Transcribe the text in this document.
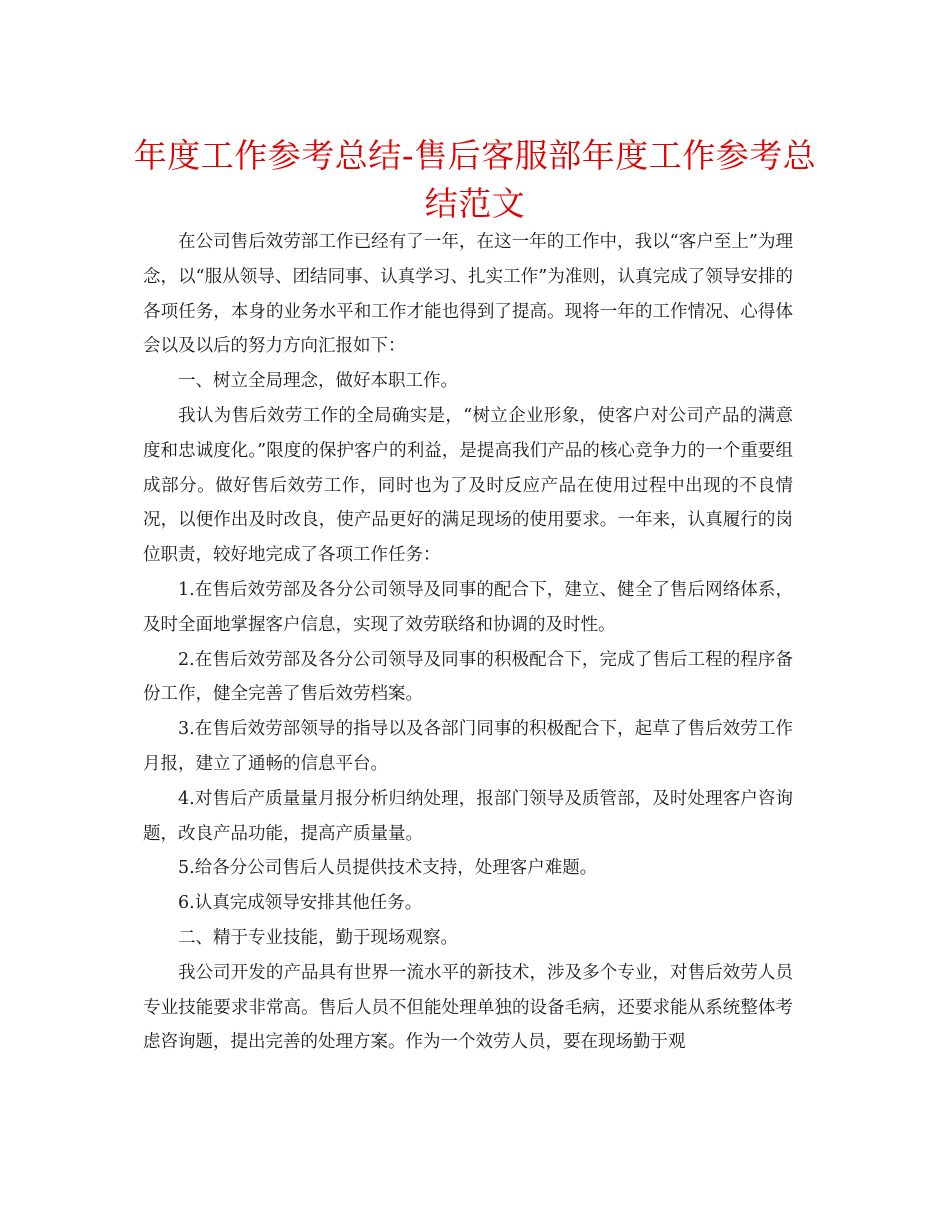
年度工作参考总结-售后客服部年度工作参考总结范文

在公司售后效劳部工作已经有了一年，在这一年的工作中，我以“客户至上”为理念，以“服从领导、团结同事、认真学习、扎实工作”为准则，认真完成了领导安排的各项任务，本身的业务水平和工作才能也得到了提高。现将一年的工作情况、心得体会以及以后的努力方向汇报如下：

一、树立全局理念，做好本职工作。

我认为售后效劳工作的全局确实是，“树立企业形象，使客户对公司产品的满意度和忠诚度化。”限度的保护客户的利益，是提高我们产品的核心竞争力的一个重要组成部分。做好售后效劳工作，同时也为了及时反应产品在使用过程中出现的不良情况，以便作出及时改良，使产品更好的满足现场的使用要求。一年来，认真履行的岗位职责，较好地完成了各项工作任务：

1.在售后效劳部及各分公司领导及同事的配合下，建立、健全了售后网络体系，及时全面地掌握客户信息，实现了效劳联络和协调的及时性。

2.在售后效劳部及各分公司领导及同事的积极配合下，完成了售后工程的程序备份工作，健全完善了售后效劳档案。

3.在售后效劳部领导的指导以及各部门同事的积极配合下，起草了售后效劳工作月报，建立了通畅的信息平台。

4.对售后产质量量月报分析归纳处理，报部门领导及质管部，及时处理客户咨询题，改良产品功能，提高产质量量。

5.给各分公司售后人员提供技术支持，处理客户难题。

6.认真完成领导安排其他任务。

二、精于专业技能，勤于现场观察。

我公司开发的产品具有世界一流水平的新技术，涉及多个专业，对售后效劳人员专业技能要求非常高。售后人员不但能处理单独的设备毛病，还要求能从系统整体考虑咨询题，提出完善的处理方案。作为一个效劳人员，要在现场勤于观
